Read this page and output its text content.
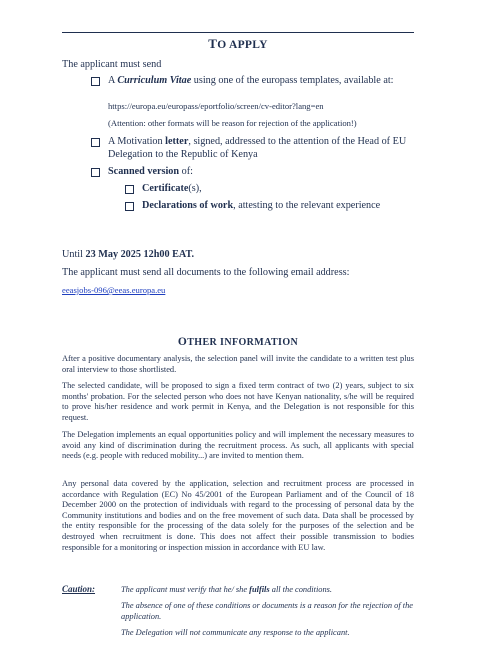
TO APPLY
The applicant must send
A Curriculum Vitae using one of the europass templates, available at:
https://europa.eu/europass/eportfolio/screen/cv-editor?lang=en
(Attention: other formats will be reason for rejection of the application!)
A Motivation letter, signed, addressed to the attention of the Head of EU Delegation to the Republic of Kenya
Scanned version of:
Certificate(s),
Declarations of work, attesting to the relevant experience
Until 23 May 2025 12h00 EAT.
The applicant must send all documents to the following email address:
eeasjobs-096@eeas.europa.eu
OTHER INFORMATION
After a positive documentary analysis, the selection panel will invite the candidate to a written test plus oral interview to those shortlisted.
The selected candidate, will be proposed to sign a fixed term contract of two (2) years, subject to six months' probation. For the selected person who does not have Kenyan nationality, s/he will be required to prove his/her residence and work permit in Kenya, and the Delegation is not responsible for this request.
The Delegation implements an equal opportunities policy and will implement the necessary measures to avoid any kind of discrimination during the recruitment process. As such, all applicants with special needs (e.g. people with reduced mobility...) are invited to mention them.
Any personal data covered by the application, selection and recruitment process are processed in accordance with Regulation (EC) No 45/2001 of the European Parliament and of the Council of 18 December 2000 on the protection of individuals with regard to the processing of personal data by the Community institutions and bodies and on the free movement of such data. Data shall be processed by the entity responsible for the processing of the data solely for the purposes of the selection and be destroyed when recruitment is done. This does not affect their possible transmission to bodies responsible for a monitoring or inspection mission in accordance with EU law.
Caution:	The applicant must verify that he/ she fulfils all the conditions.
The absence of one of these conditions or documents is a reason for the rejection of the application.
The Delegation will not communicate any response to the applicant.
